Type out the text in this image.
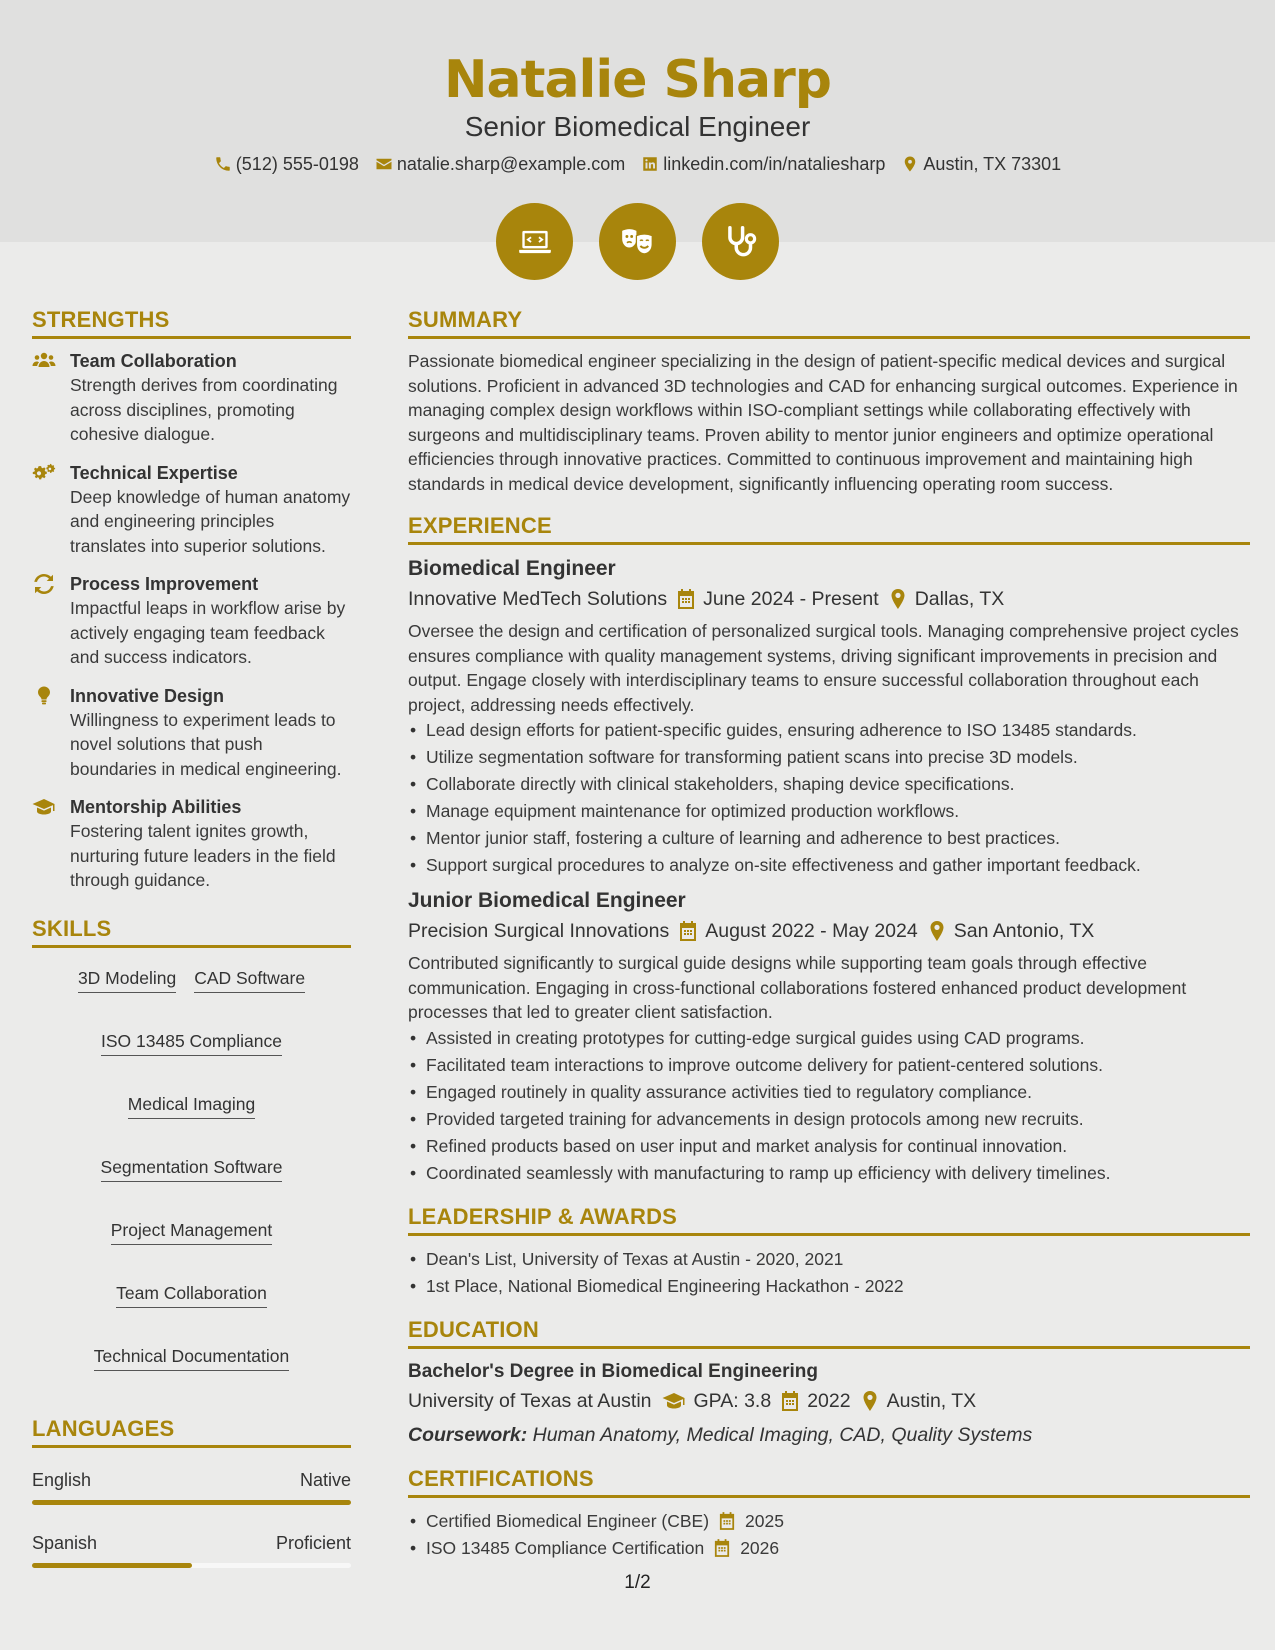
Natalie Sharp
Senior Biomedical Engineer
(512) 555-0198 natalie.sharp@example.com linkedin.com/in/nataliesharp Austin, TX 73301
STRENGTHS
Team Collaboration
Strength derives from coordinating across disciplines, promoting cohesive dialogue.
Technical Expertise
Deep knowledge of human anatomy and engineering principles translates into superior solutions.
Process Improvement
Impactful leaps in workflow arise by actively engaging team feedback and success indicators.
Innovative Design
Willingness to experiment leads to novel solutions that push boundaries in medical engineering.
Mentorship Abilities
Fostering talent ignites growth, nurturing future leaders in the field through guidance.
SKILLS
3D Modeling CAD Software
ISO 13485 Compliance
Medical Imaging
Segmentation Software
Project Management
Team Collaboration
Technical Documentation
LANGUAGES
English	Native
Spanish	Proficient
SUMMARY
Passionate biomedical engineer specializing in the design of patient-specific medical devices and surgical solutions. Proficient in advanced 3D technologies and CAD for enhancing surgical outcomes. Experience in managing complex design workflows within ISO-compliant settings while collaborating effectively with surgeons and multidisciplinary teams. Proven ability to mentor junior engineers and optimize operational efficiencies through innovative practices. Committed to continuous improvement and maintaining high standards in medical device development, significantly influencing operating room success.
EXPERIENCE
Biomedical Engineer
Innovative MedTech Solutions June 2024 - Present Dallas, TX
Oversee the design and certification of personalized surgical tools. Managing comprehensive project cycles ensures compliance with quality management systems, driving significant improvements in precision and output. Engage closely with interdisciplinary teams to ensure successful collaboration throughout each project, addressing needs effectively.
• Lead design efforts for patient-specific guides, ensuring adherence to ISO 13485 standards.
• Utilize segmentation software for transforming patient scans into precise 3D models.
• Collaborate directly with clinical stakeholders, shaping device specifications.
• Manage equipment maintenance for optimized production workflows.
• Mentor junior staff, fostering a culture of learning and adherence to best practices.
• Support surgical procedures to analyze on-site effectiveness and gather important feedback.
Junior Biomedical Engineer
Precision Surgical Innovations August 2022 - May 2024 San Antonio, TX
Contributed significantly to surgical guide designs while supporting team goals through effective communication. Engaging in cross-functional collaborations fostered enhanced product development processes that led to greater client satisfaction.
• Assisted in creating prototypes for cutting-edge surgical guides using CAD programs.
• Facilitated team interactions to improve outcome delivery for patient-centered solutions.
• Engaged routinely in quality assurance activities tied to regulatory compliance.
• Provided targeted training for advancements in design protocols among new recruits.
• Refined products based on user input and market analysis for continual innovation.
• Coordinated seamlessly with manufacturing to ramp up efficiency with delivery timelines.
LEADERSHIP & AWARDS
• Dean's List, University of Texas at Austin - 2020, 2021
• 1st Place, National Biomedical Engineering Hackathon - 2022
EDUCATION
Bachelor's Degree in Biomedical Engineering
University of Texas at Austin GPA: 3.8 2022 Austin, TX
Coursework: Human Anatomy, Medical Imaging, CAD, Quality Systems
CERTIFICATIONS
• Certified Biomedical Engineer (CBE) 2025
• ISO 13485 Compliance Certification 2026
1/2
